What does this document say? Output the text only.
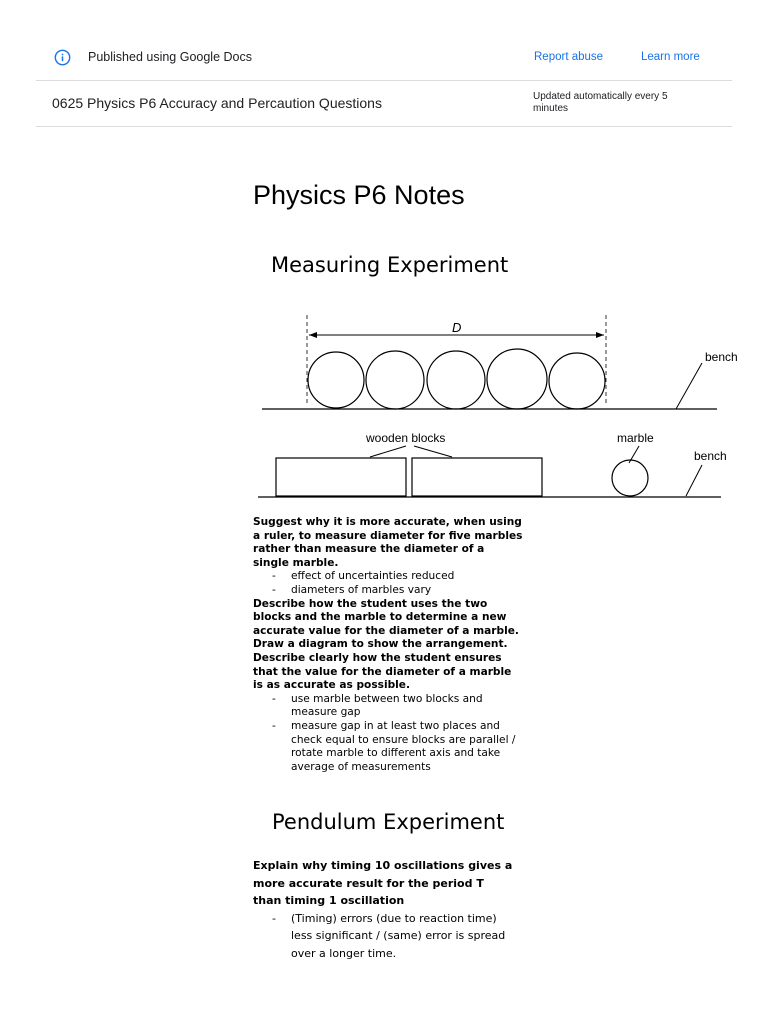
Published using Google Docs	Report abuse	Learn more
0625 Physics P6 Accuracy and Percaution Questions	Updated automatically every 5 minutes
Physics P6 Notes
Measuring Experiment
D
bench
wooden blocks	marble
bench

Suggest why it is more accurate, when using a ruler, to measure diameter for five marbles rather than measure the diameter of a single marble.

- effect of uncertainties reduced
- diameters of marbles vary

Describe how the student uses the two blocks and the marble to determine a new accurate value for the diameter of a marble. Draw a diagram to show the arrangement. Describe clearly how the student ensures that the value for the diameter of a marble is as accurate as possible.

- use marble between two blocks and measure gap
- measure gap in at least two places and check equal to ensure blocks are parallel / rotate marble to different axis and take average of measurements
Pendulum Experiment

Explain why timing 10 oscillations gives a more accurate result for the period T than timing 1 oscillation

- (Timing) errors (due to reaction time) less significant / (same) error is spread over a longer time.
